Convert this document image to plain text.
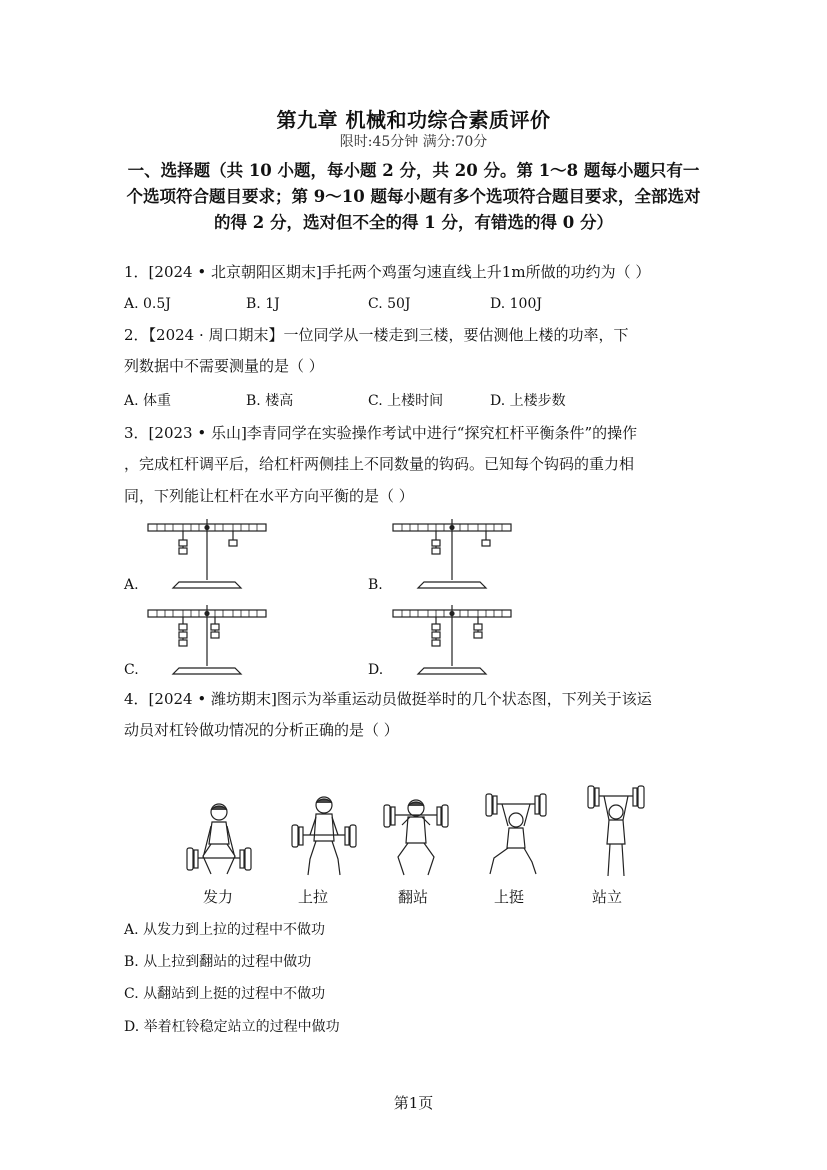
第九章 机械和功综合素质评价
限时:45分钟 满分:70分
一、选择题（共 10 小题，每小题 2 分，共 20 分。第 1～8 题每小题只有一个选项符合题目要求；第 9～10 题每小题有多个选项符合题目要求，全部选对的得 2 分，选对但不全的得 1 分，有错选的得 0 分）
1．[2024 • 北京朝阳区期末]手托两个鸡蛋匀速直线上升1m所做的功约为（ ）
A. 0.5J	B. 1J	C. 50J	D. 100J
2．【2024 · 周口期末】一位同学从一楼走到三楼，要估测他上楼的功率，下
列数据中不需要测量的是（ ）
A. 体重	B. 楼高	C. 上楼时间	D. 上楼步数
3．[2023 • 乐山]李青同学在实验操作考试中进行“探究杠杆平衡条件”的操作
，完成杠杆调平后，给杠杆两侧挂上不同数量的钩码。已知每个钩码的重力相
同，下列能让杠杆在水平方向平衡的是（ ）
A.	B.
C.	D.
4．[2024 • 潍坊期末]图示为举重运动员做挺举时的几个状态图，下列关于该运
动员对杠铃做功情况的分析正确的是（ ）
发力	上拉	翻站	上挺	站立
A. 从发力到上拉的过程中不做功
B. 从上拉到翻站的过程中做功
C. 从翻站到上挺的过程中不做功
D. 举着杠铃稳定站立的过程中做功
第1页
